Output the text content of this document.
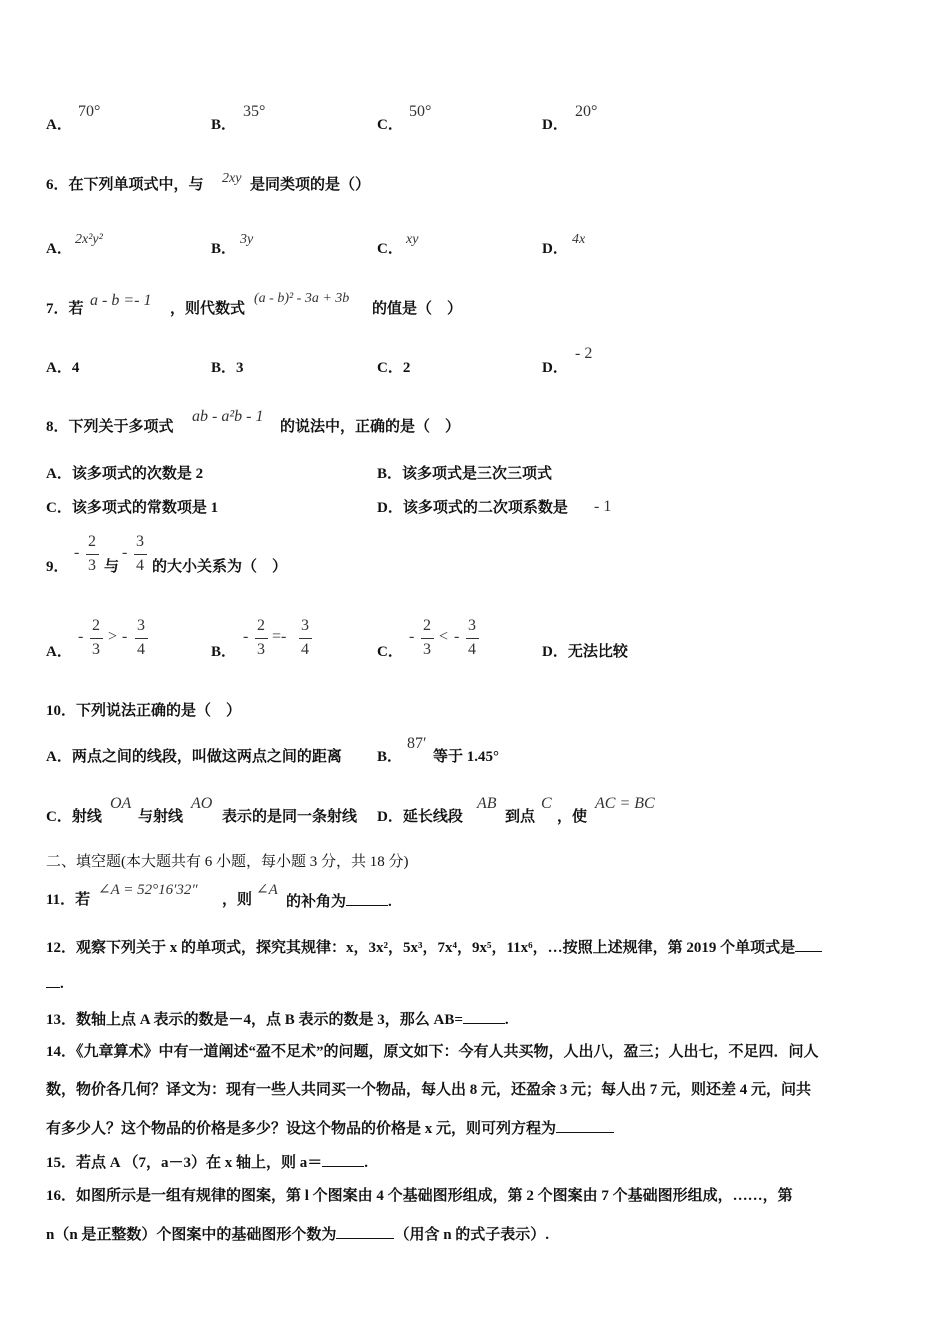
A．
70°
B．
35°
C．
50°
D．
20°
6．在下列单项式中，与 2xy 是同类项的是（）
A．
2x²y²
B．
3y
C．
xy
D．
4x
7．若 a - b =- 1 ，则代数式
(a - b)² - 3a + 3b
的值是（　）
A．4	B．3	C．2	D．
- 2
8．下列关于多项式
ab - a²b - 1
的说法中，正确的是（　）
A．该多项式的次数是 2	B．该多项式是三次三项式
C．该多项式的常数项是 1	D．该多项式的二次项系数是 - 1
9．
-
2
3 与
-
3
4 的大小关系为（　）
A．
-
2
3
> -
3
4	B．
-
2
3
=-
3
4	C．
-
2
3
< -
3
4	D．无法比较
10．下列说法正确的是（　）
A．两点之间的线段，叫做这两点之间的距离 B．
87′
等于 1.45°
C．射线
OA
与射线
AO
表示的是同一条射线 D．延长线段
AB
到点
C
，使
AC = BC
二、填空题(本大题共有 6 小题，每小题 3 分，共 18 分)
11．若
∠A = 52°16′32″
，则
∠A
的补角为	.
12．观察下列关于 x 的单项式，探究其规律：x，3x²，5x³，7x⁴，9x⁵，11x⁶，…按照上述规律，第 2019 个单项式是
.
13．数轴上点 A 表示的数是－4，点 B 表示的数是 3，那么 AB=	.
14．《九章算术》中有一道阐述“盈不足术”的问题，原文如下：今有人共买物，人出八，盈三；人出七，不足四．问人
数，物价各几何？译文为：现有一些人共同买一个物品，每人出 8 元，还盈余 3 元；每人出 7 元，则还差 4 元，问共
有多少人？这个物品的价格是多少？设这个物品的价格是 x 元，则可列方程为
15．若点 A （7，a－3）在 x 轴上，则 a＝	.
16．如图所示是一组有规律的图案，第 l 个图案由 4 个基础图形组成，第 2 个图案由 7 个基础图形组成，……，第
n（n 是正整数）个图案中的基础图形个数为	（用含 n 的式子表示）.
